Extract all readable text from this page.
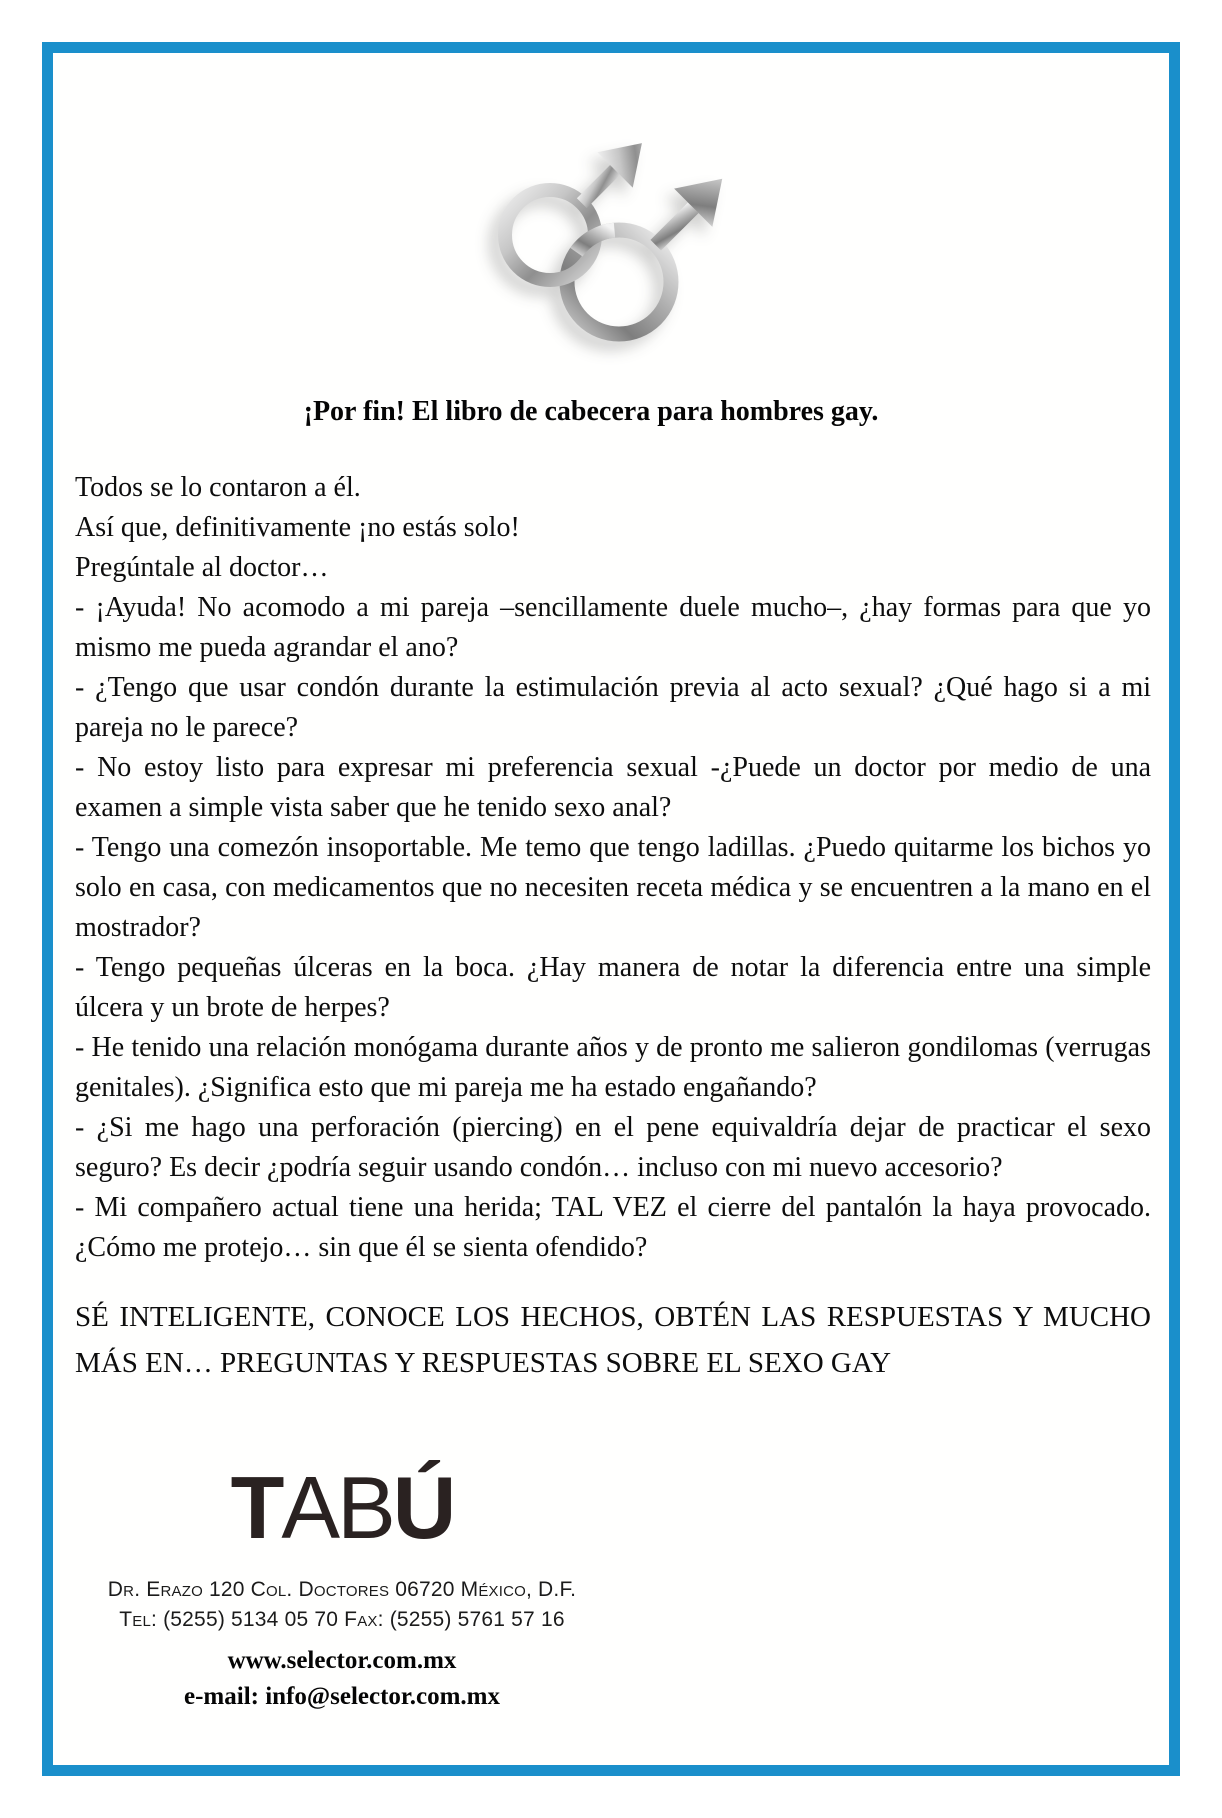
¡Por fin! El libro de cabecera para hombres gay.

Todos se lo contaron a él.

Así que, definitivamente ¡no estás solo!

Pregúntale al doctor…

- ¡Ayuda! No acomodo a mi pareja –sencillamente duele mucho–, ¿hay formas para que yo mismo me pueda agrandar el ano?

- ¿Tengo que usar condón durante la estimulación previa al acto sexual? ¿Qué hago si a mi pareja no le parece?

- No estoy listo para expresar mi preferencia sexual -¿Puede un doctor por medio de una examen a simple vista saber que he tenido sexo anal?

- Tengo una comezón insoportable. Me temo que tengo ladillas. ¿Puedo quitarme los bichos yo solo en casa, con medicamentos que no necesiten receta médica y se encuentren a la mano en el mostrador?

- Tengo pequeñas úlceras en la boca. ¿Hay manera de notar la diferencia entre una simple úlcera y un brote de herpes?

- He tenido una relación monógama durante años y de pronto me salieron gondilomas (verrugas genitales). ¿Significa esto que mi pareja me ha estado engañando?

- ¿Si me hago una perforación (piercing) en el pene equivaldría dejar de practicar el sexo seguro? Es decir ¿podría seguir usando condón… incluso con mi nuevo accesorio?

- Mi compañero actual tiene una herida; TAL VEZ el cierre del pantalón la haya provocado. ¿Cómo me protejo… sin que él se sienta ofendido?

SÉ INTELIGENTE, CONOCE LOS HECHOS, OBTÉN LAS RESPUESTAS Y MUCHO MÁS EN… PREGUNTAS Y RESPUESTAS SOBRE EL SEXO GAY

TABÚ
Dr. Erazo 120 Col. Doctores 06720 México, D.F.
Tel: (5255) 5134 05 70 Fax: (5255) 5761 57 16
www.selector.com.mx
e-mail: info@selector.com.mx
